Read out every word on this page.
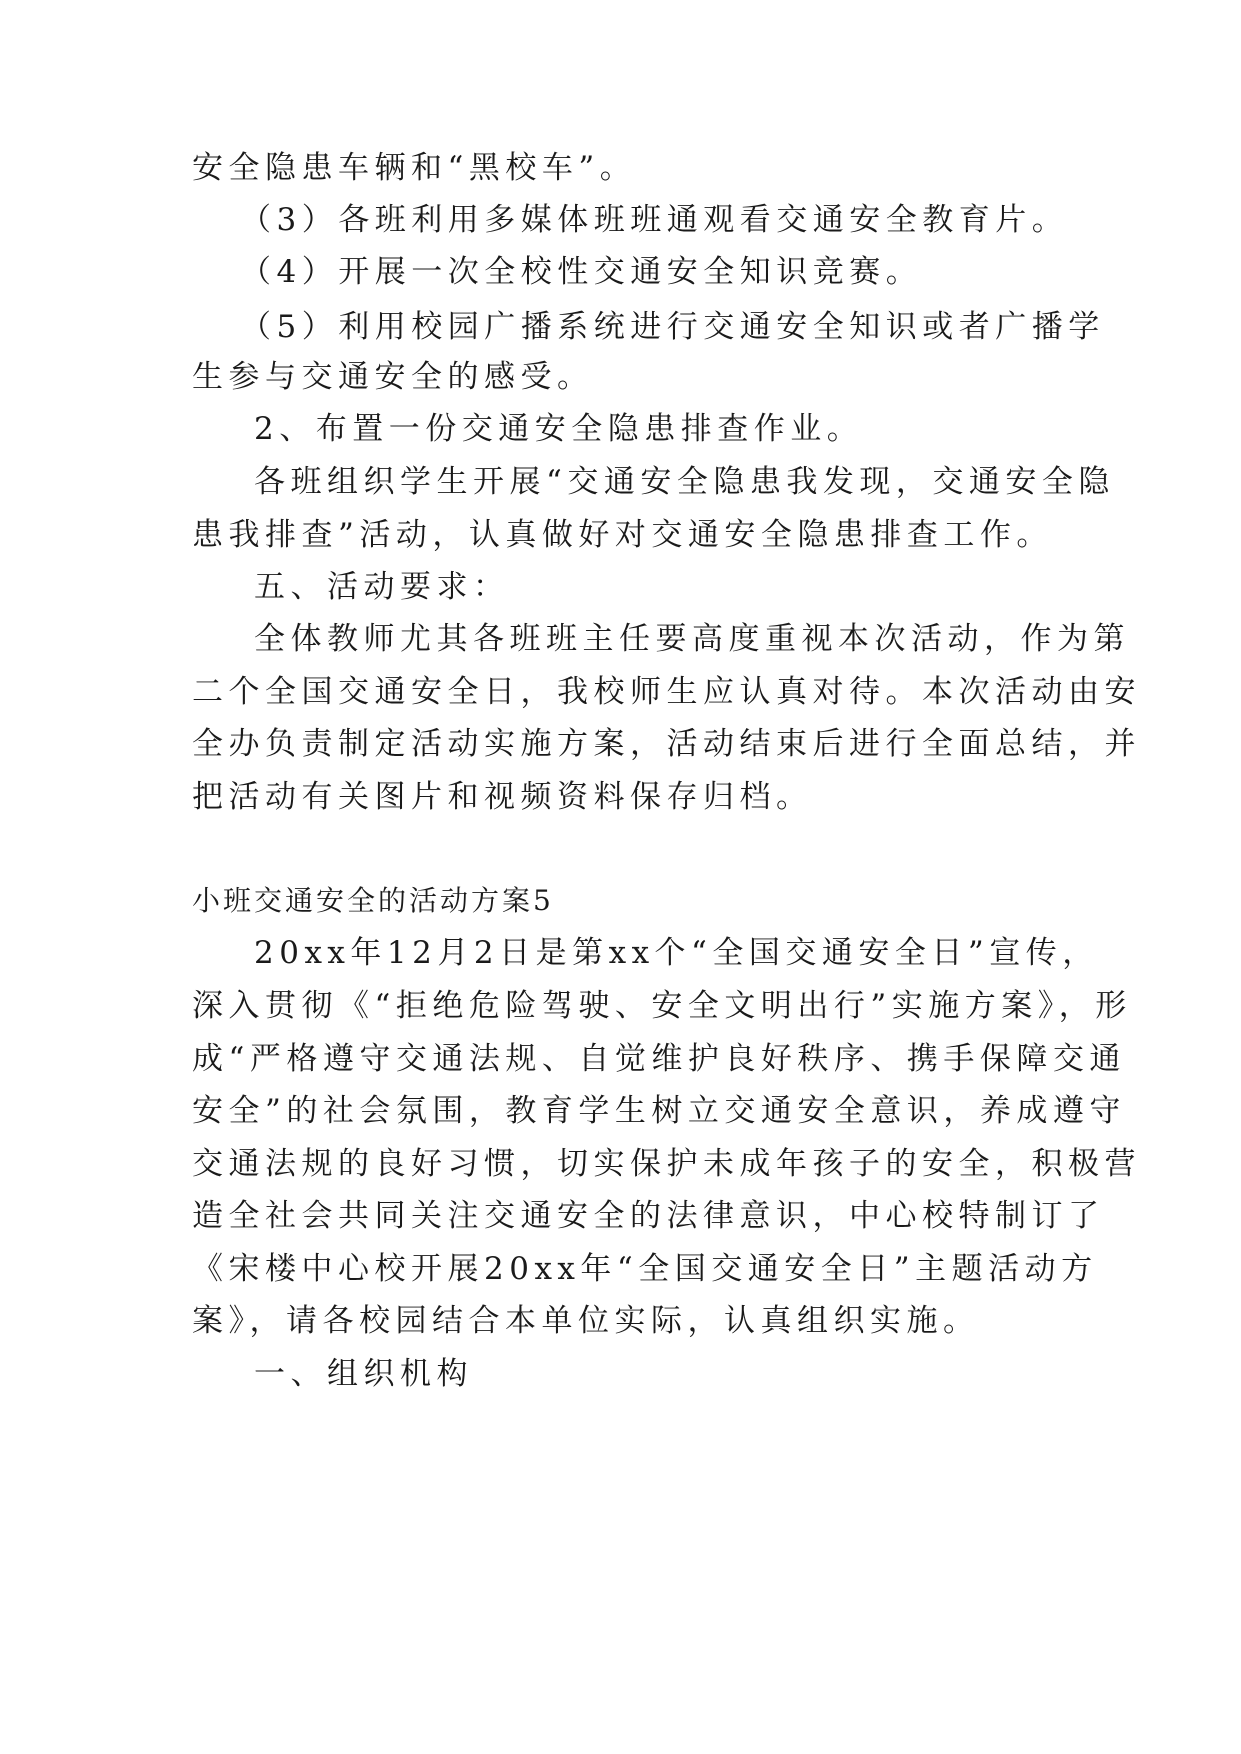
安全隐患车辆和“黑校车”。
（3）各班利用多媒体班班通观看交通安全教育片。
（4）开展一次全校性交通安全知识竞赛。
（5）利用校园广播系统进行交通安全知识或者广播学
生参与交通安全的感受。
2、布置一份交通安全隐患排查作业。
各班组织学生开展“交通安全隐患我发现，交通安全隐
患我排查”活动，认真做好对交通安全隐患排查工作。
五、活动要求：
全体教师尤其各班班主任要高度重视本次活动，作为第
二个全国交通安全日，我校师生应认真对待。本次活动由安
全办负责制定活动实施方案，活动结束后进行全面总结，并
把活动有关图片和视频资料保存归档。
小班交通安全的活动方案5
20xx年12月2日是第xx个“全国交通安全日”宣传，
深入贯彻《“拒绝危险驾驶、安全文明出行”实施方案》，形
成“严格遵守交通法规、自觉维护良好秩序、携手保障交通
安全”的社会氛围，教育学生树立交通安全意识，养成遵守
交通法规的良好习惯，切实保护未成年孩子的安全，积极营
造全社会共同关注交通安全的法律意识，中心校特制订了
《宋楼中心校开展20xx年“全国交通安全日”主题活动方
案》，请各校园结合本单位实际，认真组织实施。
一、组织机构
